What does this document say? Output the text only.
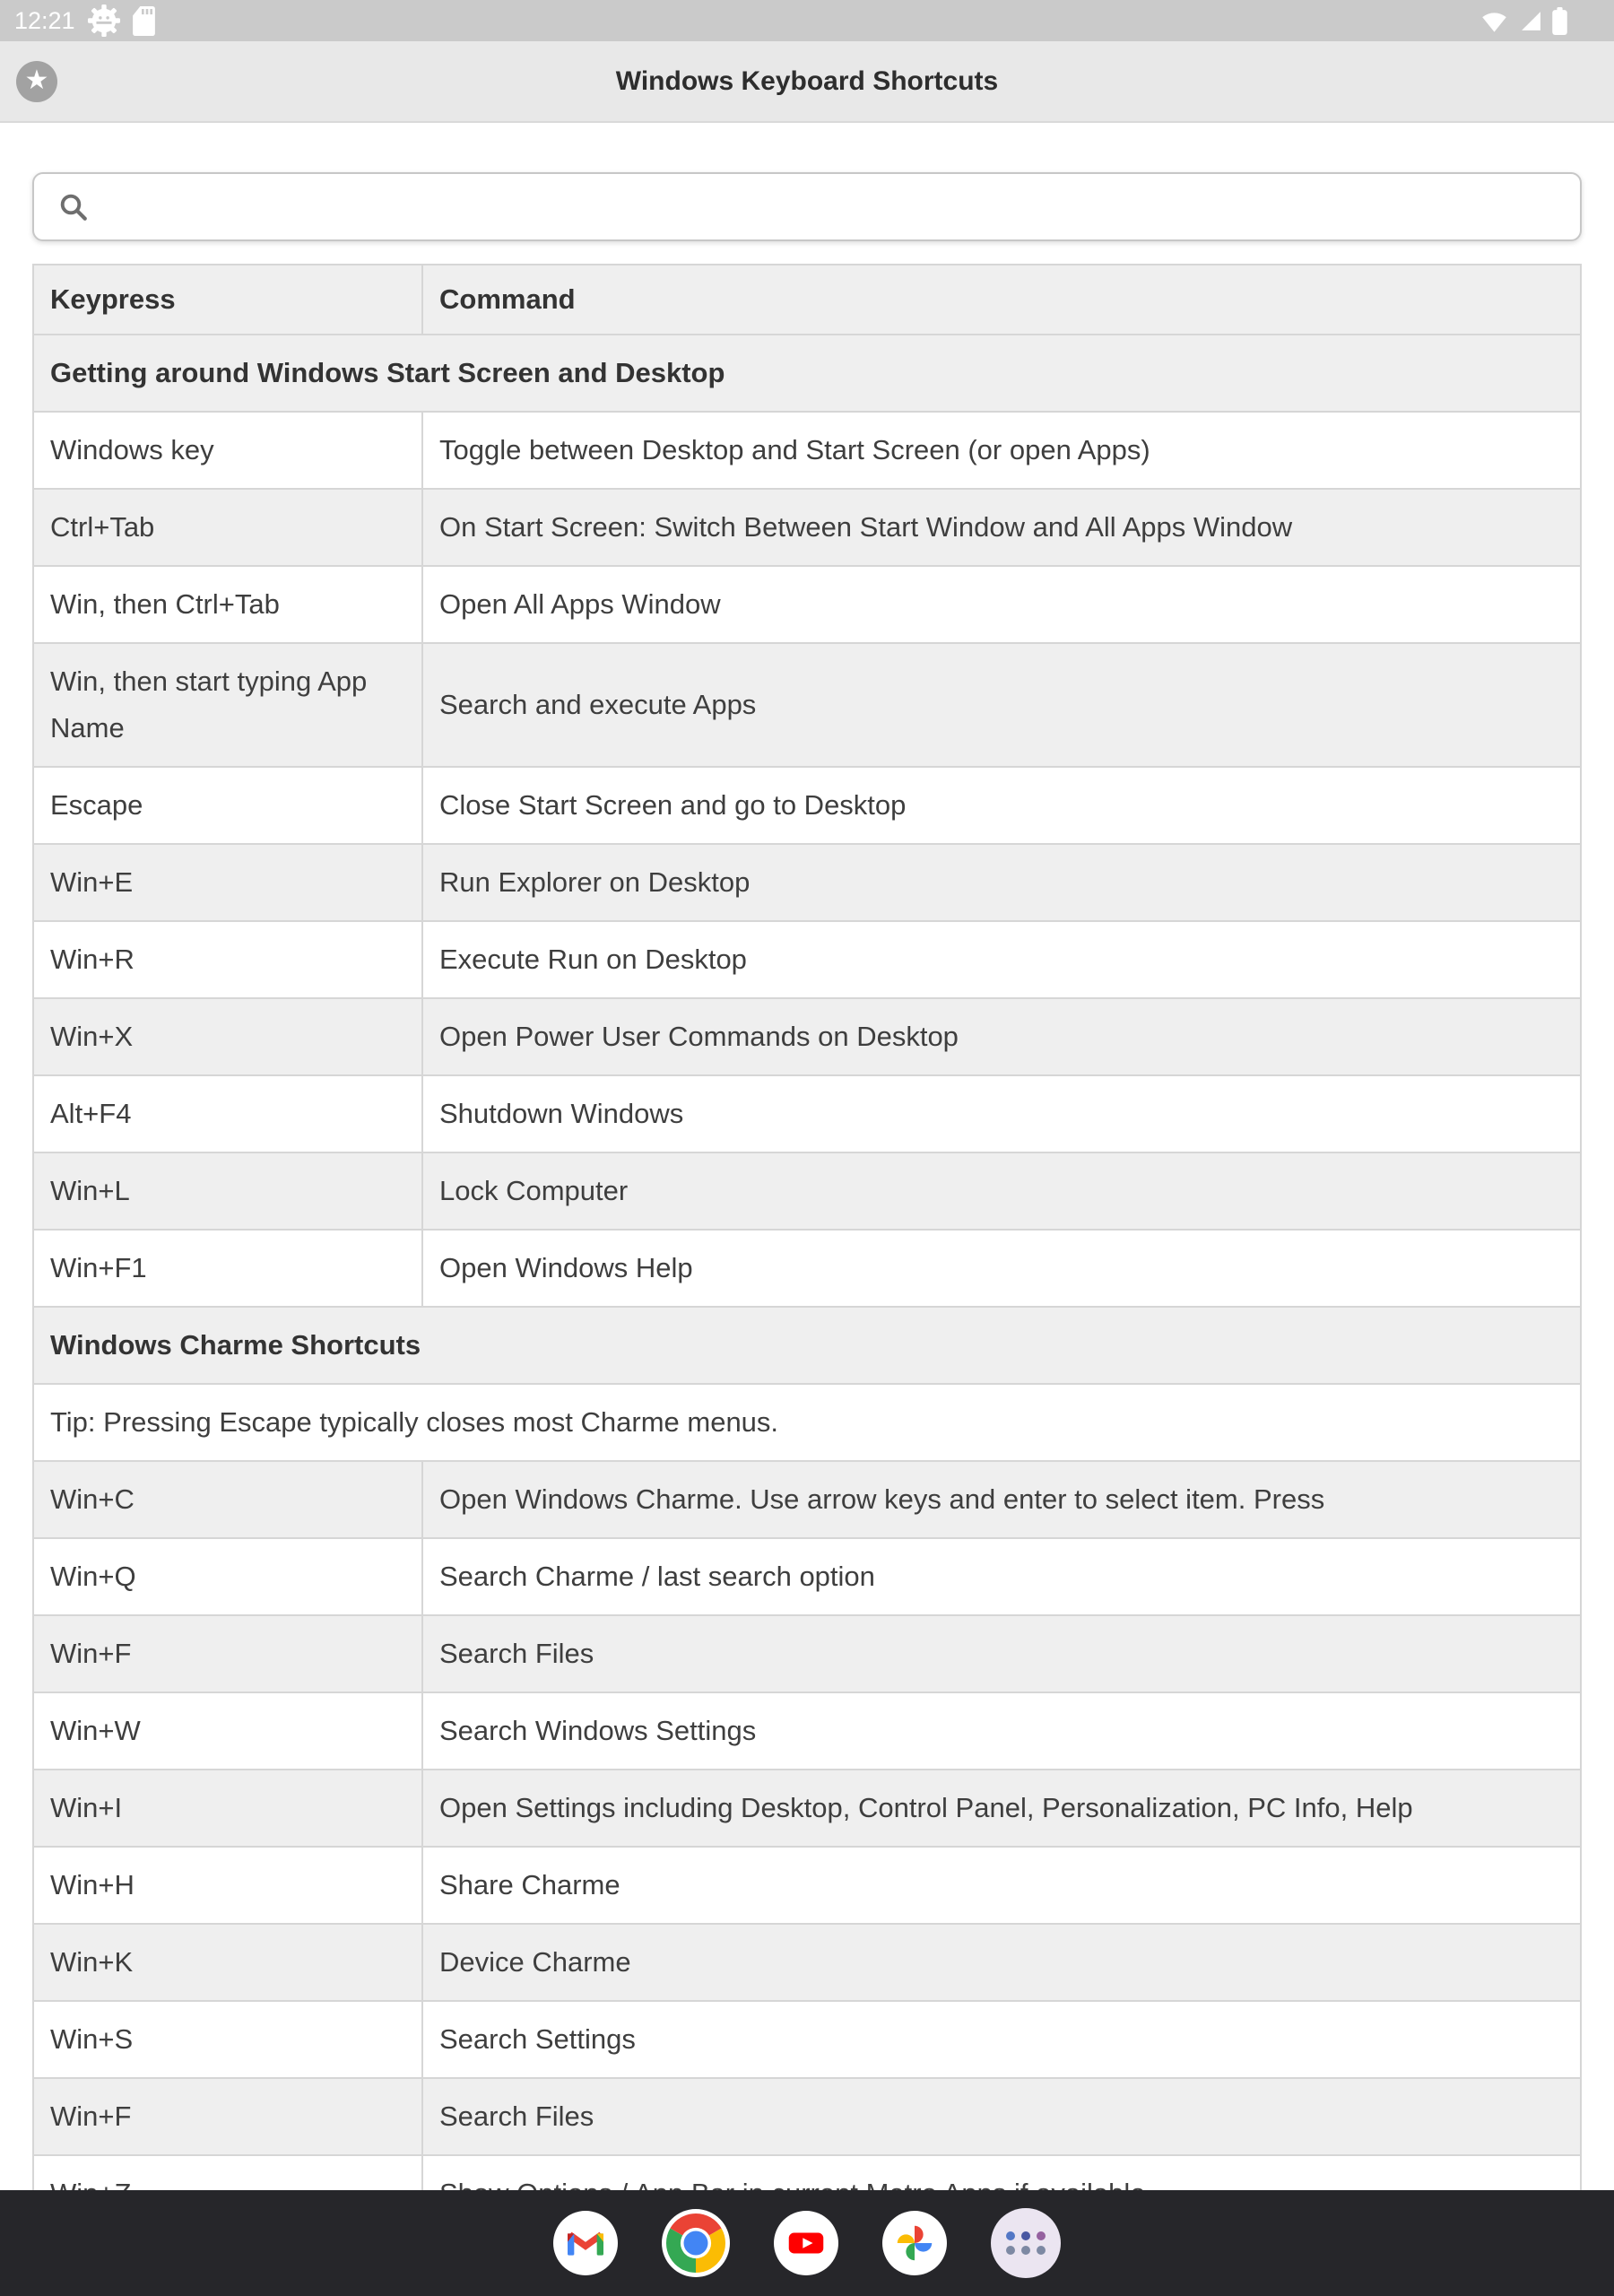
12:21
★	Windows Keyboard Shortcuts
Keypress	Command
Getting around Windows Start Screen and Desktop	
Windows key	Toggle between Desktop and Start Screen (or open Apps)
Ctrl+Tab	On Start Screen: Switch Between Start Window and All Apps Window
Win, then Ctrl+Tab	Open All Apps Window
Win, then start typing App Name	Search and execute Apps
Escape	Close Start Screen and go to Desktop
Win+E	Run Explorer on Desktop
Win+R	Execute Run on Desktop
Win+X	Open Power User Commands on Desktop
Alt+F4	Shutdown Windows
Win+L	Lock Computer
Win+F1	Open Windows Help
Windows Charme Shortcuts	
Tip: Pressing Escape typically closes most Charme menus.	
Win+C	Open Windows Charme. Use arrow keys and enter to select item. Press
Win+Q	Search Charme / last search option
Win+F	Search Files
Win+W	Search Windows Settings
Win+I	Open Settings including Desktop, Control Panel, Personalization, PC Info, Help
Win+H	Share Charme
Win+K	Device Charme
Win+S	Search Settings
Win+F	Search Files
